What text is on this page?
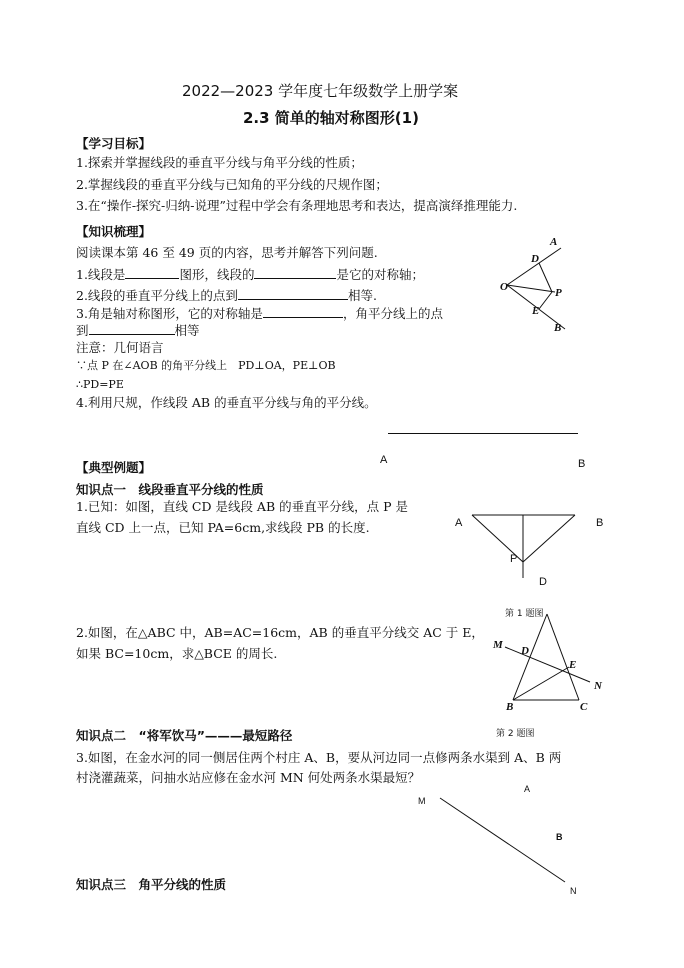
2022—2023 学年度七年级数学上册学案
2.3 简单的轴对称图形(1)
【学习目标】
1.探索并掌握线段的垂直平分线与角平分线的性质；
2.掌握线段的垂直平分线与已知角的平分线的尺规作图；
3.在“操作-探究-归纳-说理”过程中学会有条理地思考和表达，提高演绎推理能力.
【知识梳理】
阅读课本第 46 至 49 页的内容，思考并解答下列问题.
1.线段是	图形，线段的	是它的对称轴；
2.线段的垂直平分线上的点到	相等.
3.角是轴对称图形，它的对称轴是	，角平分线上的点
到	相等
注意：几何语言
∵点 P 在∠AOB 的角平分线上　PD⊥OA，PE⊥OB
∴PD=PE
4.利用尺规，作线段 AB 的垂直平分线与角的平分线。
A
D
O	P
E
B
A	B
【典型例题】
知识点一　线段垂直平分线的性质
1.已知：如图，直线 CD 是线段 AB 的垂直平分线，点 P 是
直线 CD 上一点，已知 PA=6cm,求线段 PB 的长度.	A	B
P
D
第 1 题图
2.如图，在△ABC 中，AB=AC=16cm，AB 的垂直平分线交 AC 于 E，
如果 BC=10cm，求△BCE 的周长.
M D
E
N
B	C
第 2 题图
知识点二　“将军饮马”———最短路径
3.如图，在金水河的同一侧居住两个村庄 A、B，要从河边同一点修两条水渠到 A、B 两
村浇灌蔬菜，问抽水站应修在金水河 MN 何处两条水渠最短？
M
A
B
N
知识点三　角平分线的性质
